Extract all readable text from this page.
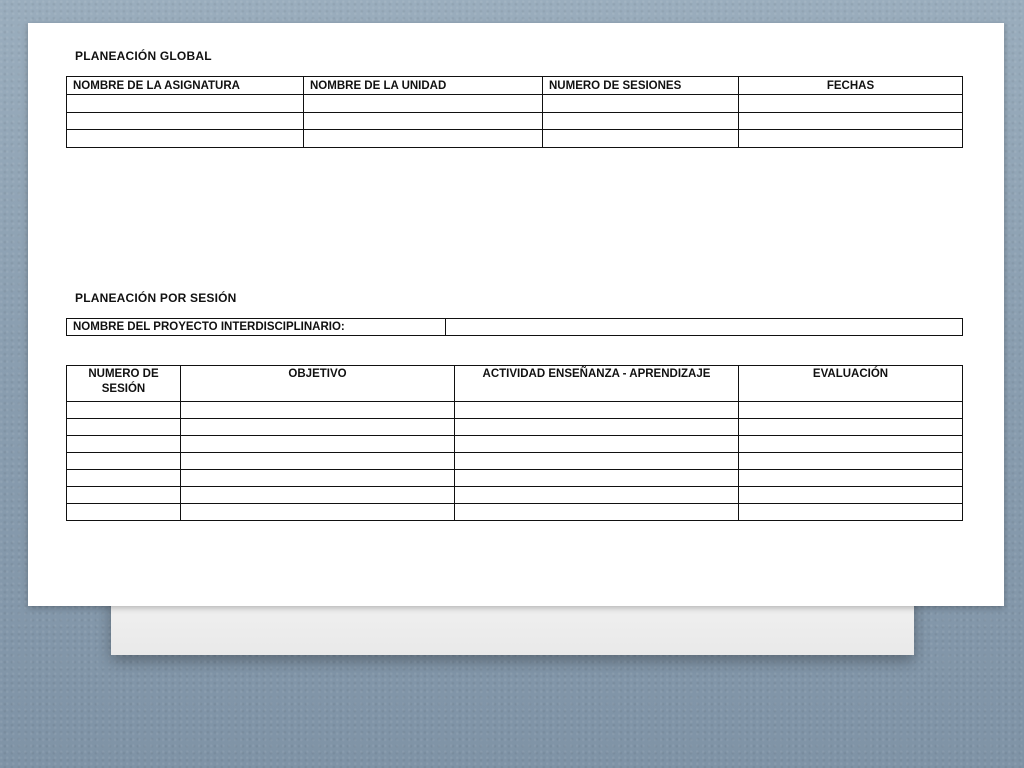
PLANEACIÓN GLOBAL
NOMBRE DE LA ASIGNATURA	NOMBRE DE LA UNIDAD	NUMERO DE SESIONES	FECHAS

PLANEACIÓN POR SESIÓN
NOMBRE DEL PROYECTO INTERDISCIPLINARIO:	
NUMERO DE SESIÓN	OBJETIVO	ACTIVIDAD ENSEÑANZA - APRENDIZAJE	EVALUACIÓN
